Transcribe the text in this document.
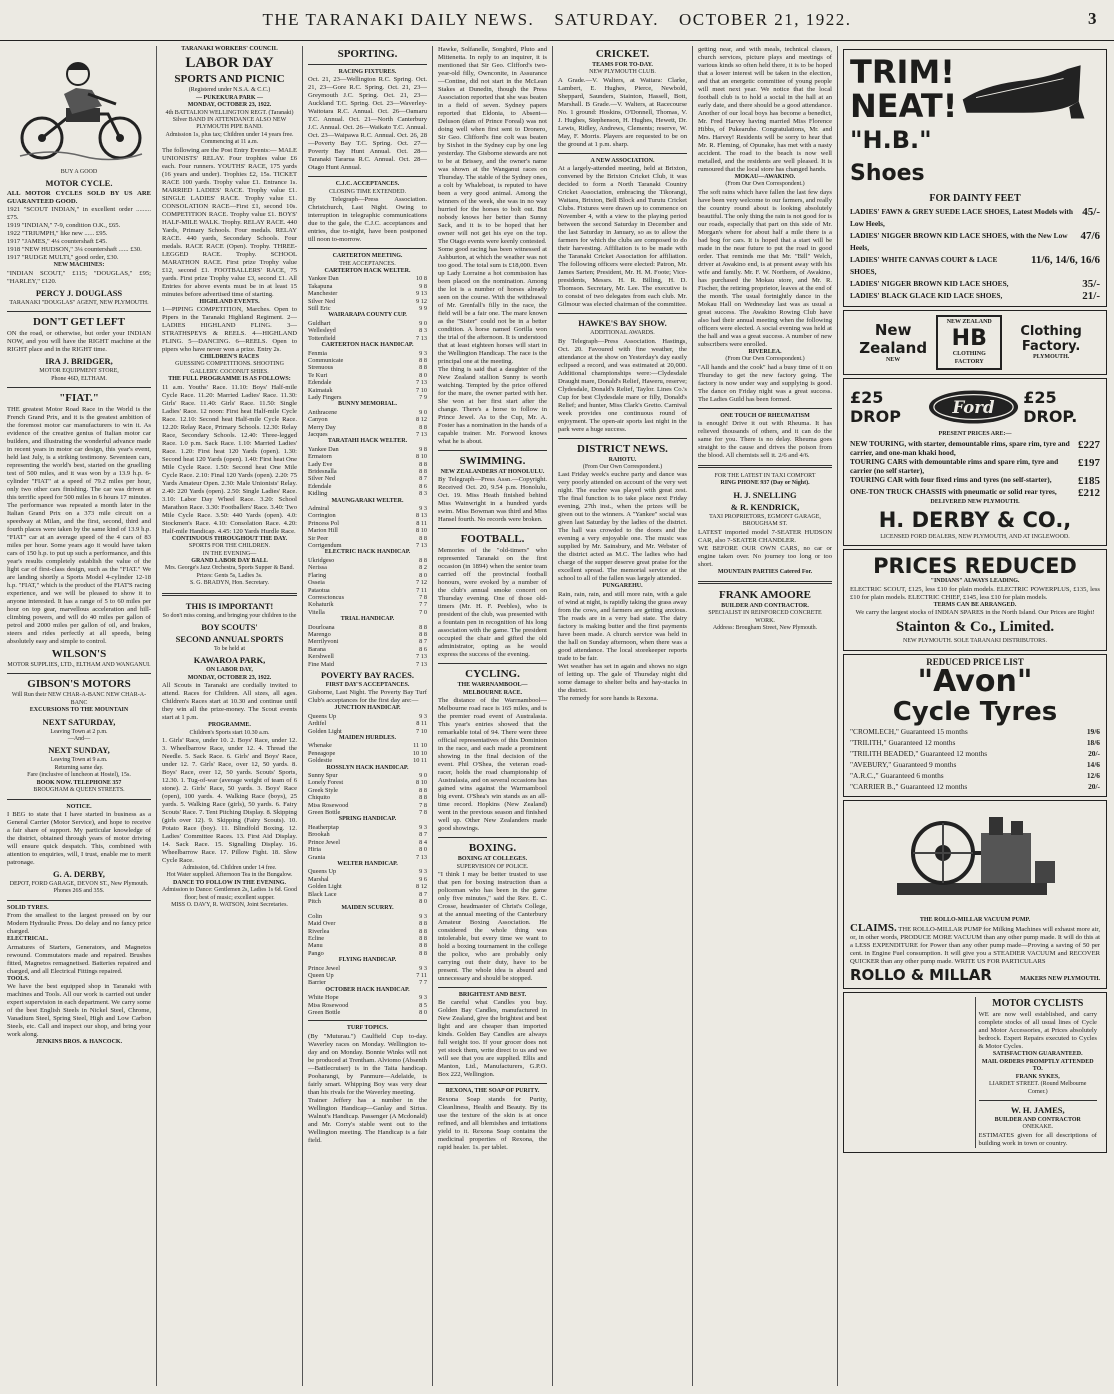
THE TARANAKI DAILY NEWS. SATURDAY. OCTOBER 21, 1922.	3

BUY A GOOD

MOTOR CYCLE.

ALL MOTOR CYCLES SOLD BY US ARE GUARANTEED GOOD.

1921 "SCOUT INDIAN," in excellent order ......... £75.

1919 "INDIAN," 7-9, condition O.K., £65.

1922 "TRIUMPH," like new ...... £95.

1917 "JAMES," 4¼ countershaft £45.

1918 "NEW HUDSON," 3¼ countershaft ...... £30.

1917 "RUDGE MULTI," good order, £30.

NEW MACHINES:

"INDIAN SCOUT," £115; "DOUGLAS," £95; "HARLEY," £120.

PERCY J. DOUGLASS

TARANAKI "DOUGLAS" AGENT, NEW PLYMOUTH.

DON'T GET LEFT

ON the road, or otherwise, but order your INDIAN NOW, and you will have the RIGHT machine at the RIGHT place and in the RIGHT time.

IRA J. BRIDGER,

MOTOR EQUIPMENT STORE,

Phone 46D, ELTHAM.

"FIAT."

THE greatest Motor Road Race in the World is the French Grand Prix, and it is the greatest ambition of the foremost motor car manufacturers to win it. As evidence of the creative genius of Italian motor car builders, and illustrating the wonderful advance made in recent years in motor car design, this year's event, held last July, is a striking testimony. Seventeen cars, representing the world's best, started on the gruelling test of 500 miles, and it was won by a 13.9 h.p. 6-cylinder "FIAT" at a speed of 79.2 miles per hour, only two other cars finishing. The car was driven at this terrific speed for 500 miles in 6 hours 17 minutes. The performance was repeated a month later in the Italian Grand Prix on a 373 mile circuit on a speedway at Milan, and the first, second, third and fourth places were taken by the same kind of 13.9 h.p. "FIAT" car at an average speed of the 4 cars of 83 miles per hour. Some years ago it would have taken cars of 150 h.p. to put up such a performance, and this year's results completely establish the value of the light car of first-class design, such as the "FIAT." We are landing shortly a Sports Model 4-cylinder 12-18 h.p. "FIAT," which is the product of the FIAT'S racing experience, and we will be pleased to show it to anyone interested. It has a range of 5 to 60 miles per hour on top gear, marvellous acceleration and hill-climbing powers, and will do 40 miles per gallon of petrol and 2000 miles per gallon of oil, and brakes, steers and rides perfectly at all speeds, being absolutely easy and simple to control.

WILSON'S

MOTOR SUPPLIES, LTD., ELTHAM AND WANGANUI.

GIBSON'S MOTORS

Will Run their NEW CHAR-A-BANC NEW CHAR-A-BANC

EXCURSIONS TO THE MOUNTAIN

NEXT SATURDAY,

Leaving Town at 2 p.m.

—And—

NEXT SUNDAY,

Leaving Town at 9 a.m.

Returning same day.

Fare (inclusive of luncheon at Hostel), 15s.

BOOK NOW. TELEPHONE 357

BROUGHAM & QUEEN STREETS.

NOTICE.

I BEG to state that I have started in business as a General Carrier (Motor Service), and hope to receive a fair share of support. My particular knowledge of the district, obtained through years of motor driving will ensure quick despatch. This, combined with attention to enquiries, will, I trust, enable me to merit patronage.

G. A. DERBY,

DEPOT, FORD GARAGE, DEVON ST., New Plymouth. Phones 26S and 35S.

SOLID TYRES.

From the smallest to the largest pressed on by our Modern Hydraulic Press. Do delay and no fancy price charged.

ELECTRICAL.

Armatures of Starters, Generators, and Magnetos rewound. Commutators made and repaired. Brushes fitted, Magnetos remagnetised. Batteries repaired and charged, and all Electrical Fittings repaired.

TOOLS.

We have the best equipped shop in Taranaki with machines and Tools. All our work is carried out under expert supervision in each department. We carry some of the best English Steels in Nickel Steel, Chrome, Vanadium Steel, Spring Steel, High and Low Carbon Steels, etc. Call and inspect our shop, and bring your work along.

JENKINS BROS. & HANCOCK.

TARANAKI WORKERS' COUNCIL

LABOR DAY

SPORTS AND PICNIC

(Registered under N.S.A. & C.C.)

— PUKEKURA PARK —

MONDAY, OCTOBER 23, 1922.

4th BATTALION WELLINGTON REGT. (Taranaki) Silver BAND IN ATTENDANCE ALSO NEW PLYMOUTH PIPE BAND.

Admission 1s, plus tax; Children under 14 years free.

Commencing at 11 a.m.

The following are the Post Entry Events:— MALE UNIONISTS' RELAY. Four trophies value £6 each. Four runners. YOUTHS' RACE, 175 yards (16 years and under). Trophies £2, 15s. TICKET RACE 100 yards. Trophy value £1. Entrance 1s. MARRIED LADIES' RACE. Trophy value £1. SINGLE LADIES' RACE. Trophy value £1. CONSOLATION RACE—First £1, second 10s. COMPETITION RACE. Trophy value £1. BOYS' HALF-MILE WALK. Trophy. RELAY RACE. 440 Yards, Primary Schools. Four medals. RELAY RACE. 440 yards, Secondary Schools. Four medals. RACE RACE (Open). Trophy. THREE-LEGGED RACE. Trophy. SCHOOL MARATHON RACE. First prize Trophy value £12, second £1. FOOTBALLERS' RACE, 75 yards. First prize Trophy value £3, second £1. All Entries for above events must be in at least 15 minutes before advertised time of starting.

HIGHLAND EVENTS.

1—PIPING COMPETITION, Marches. Open to Pipers in the Taranaki Highland Regiment. 2—LADIES HIGHLAND FLING. 3—STRATHSPEYS & REELS. 4—HIGHLAND FLING. 5—DANCING. 6—REELS. Open to pipers who have never won a prize. Entry 2s.

CHILDREN'S RACES

GUESSING COMPETITIONS. SHOOTING GALLERY. COCONUT SHIES.

THE FULL PROGRAMME IS AS FOLLOWS:

11 a.m. Youths' Race. 11.10: Boys' Half-mile Cycle Race. 11.20: Married Ladies' Race. 11.30: Girls' Race. 11.40: Girls' Race. 11.50: Single Ladies' Race. 12 noon: First heat Half-mile Cycle Race. 12.10: Second heat Half-mile Cycle Race. 12.20: Relay Race, Primary Schools. 12.30: Relay Race, Secondary Schools. 12.40: Three-legged Race. 1.0 p.m. Sack Race. 1.10: Married Ladies' Race. 1.20: First heat 120 Yards (open). 1.30: Second heat 120 Yards (open). 1.40: First heat One Mile Cycle Race. 1.50: Second heat One Mile Cycle Race. 2.10: Final 120 Yards (open). 2.20: 75 Yards Amateur Open. 2.30: Male Unionists' Relay. 2.40: 220 Yards (open). 2.50: Single Ladies' Race. 3.10: Labor Day Wheel Race. 3.20: School Marathon Race. 3.30: Footballers' Race. 3.40: Two Mile Cycle Race. 3.50: 440 Yards (open). 4.0: Stockmen's Race. 4.10: Consolation Race. 4.20: Half-mile Handicap. 4.45: 120 Yards Hurdle Race.

CONTINUOUS THROUGHOUT THE DAY.

SPORTS FOR THE CHILDREN.

IN THE EVENING—

GRAND LABOR DAY BALL

Mrs. George's Jazz Orchestra, Sports Supper & Band. Prizes: Gents 5s, Ladies 3s.

S. G. BRADYN, Hon. Secretary.

THIS IS IMPORTANT!

So don't miss coming, and bringing your children to the

BOY SCOUTS'

SECOND ANNUAL SPORTS

To be held at

KAWAROA PARK,

ON LABOR DAY,

MONDAY, OCTOBER 23, 1922.

All Scouts in Taranaki are cordially invited to attend. Races for Children. All sizes, all ages. Children's Races start at 10.30 and continue until they win all the prize-money. The Scout events start at 1 p.m.

PROGRAMME.

Children's Sports start 10.30 a.m.

1. Girls' Race, under 10. 2. Boys' Race, under 12. 3. Wheelbarrow Race, under 12. 4. Thread the Needle. 5. Sack Race. 6. Girls' and Boys' Race, under 12. 7. Girls' Race, over 12, 50 yards. 8. Boys' Race, over 12, 50 yards. Scouts' Sports, 12.30. 1. Tug-of-war (average weight of team of 6 stone). 2. Girls' Race, 50 yards. 3. Boys' Race (open), 100 yards. 4. Walking Race (boys), 25 yards. 5. Walking Race (girls), 50 yards. 6. Fairy Scouts' Race. 7. Tent Pitching Display. 8. Skipping (girls over 12). 9. Skipping (Fairy Scouts). 10. Potato Race (boy). 11. Blindfold Boxing. 12. Ladies' Committee Races. 13. First Aid Display. 14. Sack Race. 15. Signalling Display. 16. Wheelbarrow Race. 17. Pillow Fight. 18. Slow Cycle Race.

Admission, 6d. Children under 14 free.

Hot Water supplied. Afternoon Tea in the Bungalow.

DANCE TO FOLLOW IN THE EVENING.

Admission to Dance: Gentlemen 2s, Ladies 1s 6d. Good floor; best of music; excellent supper.

MISS O. DAVY, R. WATSON, Joint Secretaries.

SPORTING.

RACING FIXTURES.

Oct. 21, 23—Wellington R.C. Spring. Oct. 21, 23—Gore R.C. Spring. Oct. 21, 23—Greymouth J.C. Spring. Oct. 21, 23—Auckland T.C. Spring. Oct. 23—Waverley-Waitotara R.C. Annual. Oct. 26—Oamaru T.C. Annual. Oct. 21—North Canterbury J.C. Annual. Oct. 26—Waikato T.C. Annual. Oct. 23—Waipawa R.C. Annual. Oct. 26, 28—Poverty Bay T.C. Spring. Oct. 27—Poverty Bay Hunt Annual. Oct. 28—Taranaki Tararua R.C. Annual. Oct. 28—Otago Hunt Annual.

C.J.C. ACCEPTANCES.

CLOSING TIME EXTENDED.

By Telegraph—Press Association. Christchurch, Last Night. Owing to interruption in telegraphic communications due to the gale, the C.J.C. acceptances and entries, due to-night, have been postponed till noon to-morrow.

CARTERTON MEETING.

THE ACCEPTANCES.

CARTERTON HACK WELTER.

Yankee Dan	10 8
Takapuna	9 8
Manchester	9 13
Silver Ned	9 12
Still Eric	9 9

WAIRARAPA COUNTY CUP.

Guldhart	9 0
Wellesleyd	8 3
Tottenfield	7 13

CARTERTON HACK HANDICAP.

Fenmia	9 3
Communicate	8 8
Strenuous	8 8
Te Kuri	8 0
Edendale	7 13
Kaimatak	7 10
Lady Fingers	7 9

BUNNY MEMORIAL.

Anthracene	9 0
Canyon	8 12
Merry Day	8 8
Jacques	7 13

TARATAHI HACK WELTER.

Yankee Dan	9 8
Ermatorn	8 10
Lady Eve	8 8
Bridesnalla	8 8
Silver Ned	8 7
Edendale	8 6
Kidling	8 3

MAUNGARAKI WELTER.

Admiral	9 3
Corrington	8 13
Princess Pol	8 11
Marion Hill	8 10
Sir Peer	8 8
Corrigendum	7 13

ELECTRIC HACK HANDICAP.

Ukridgeso	8 8
Nerissa	8 2
Flaring	8 0
Osseia	7 12
Pataotua	7 11
Corresctoncus	7 8
Kohaturik	7 7
Vitella	7 0

TRIAL HANDICAP.

Dourloana	8 8
Marengo	8 8
Merrilyvoni	8 7
Barana	8 6
Kershwell	7 13
Fine Maid	7 13

POVERTY BAY RACES.

FIRST DAY'S ACCEPTANCES.

Gisborne, Last Night. The Poverty Bay Turf Club's acceptances for the first day are:—

JUNCTION HANDICAP.

Queens Up	9 3
Ardifel	8 11
Golden Light	7 10

MAIDEN HURDLES.

Whenake	11 10
Peneagope	10 10
Goldestie	10 11

ROSSLYN HACK HANDICAP.

Sunny Spur	9 0
Lonely Forest	8 10
Greek Style	8 8
Chiquito	8 8
Miss Rosewood	7 8
Green Bottle	7 8

SPRING HANDICAP.

Heatherptap	9 3
Brookah	8 7
Prince Jewel	8 4
Hiria	8 0
Grania	7 13

WELTER HANDICAP.

Queens Up	9 3
Marshal	9 6
Golden Light	8 12
Black Lace	8 7
Pitch	8 0

MAIDEN SCURRY.

Colin	9 3
Maid Over	8 8
Riverlea	8 8
Ecline	8 8
Manu	8 8
Pango	8 8

FLYING HANDICAP.

Prince Jewel	9 3
Queen Up	7 11
Barrier	7 7

OCTOBER HACK HANDICAP.

White Hope	9 3
Miss Rosewood	8 5
Green Bottle	8 0

TURF TOPICS.

(By "Muturau.") Caulfield Cup to-day. Waverley races on Monday. Wellington to-day and on Monday. Bonnie Winks will not be produced at Trentham. Alviomo (Absenth—Battlecruiser) is in the Taita handicap. Pooharangi, by Panmure—Adelaide, is fairly smart. Whipping Boy was very dear than his rivals for the Waverley meeting.

Trainer Jeffery has a number in the Wellington Handicap—Ganlay and Sirius. Walnut's Handicap. Passenger (A Mcdonald) and Mr. Corry's stable went out to the Wellington meeting. The Handicap is a fair field.

Hawke, Solfanelle, Songbird, Pluto and Mittenetta. In reply to an inquirer, it is mentioned that Sir Geo. Clifford's two-year-old filly, Ownconite, in Assurance—Contine, did not start in the McLean Stakes at Dunedin, though the Press Association reported that she was beaten in a field of seven. Sydney papers reported that Eldonia, to Absent—Deluson (dam of Prince Foreal) was not doing well when first sent to Dronero, Sir Geo. Clifford's fine colt was beaten by Sixhot in the Sydney cup by one leg yesterday. The Gisborne stewards are not to be at Brissey, and the owner's name was shown at the Wanganui races on Thursday. The stable of the Sydney ones, a colt by Whaleboat, is reputed to have been a very good animal. Among the winners of the week, she was in no way hurried for the horses to bolt out. But nobody knows her better than Sunny Sack, and it is to be hoped that her owner will not get his eye on the top. The Otago events were keenly contested.

Some good racing has been witnessed at Ashburton, at which the weather was not too good. The total sum is £18,000. Even up Lady Lorraine a hot commission has been placed on the nomination. Among the lot is a number of horses already seen on the course. With the withdrawal of Mr. Grenfall's filly in the race, the field will be a fair one. The mare known as the "Sister" could not be in a better condition. A horse named Gorilla won the trial of the afternoon. It is understood that at least eighteen horses will start in the Wellington Handicap. The race is the principal one at the meeting.

The thing is said that a daughter of the New Zealand stallion Sunny is worth watching. Tempted by the price offered for the mare, the owner parted with her. She won at her first start after the change. There's a horse to follow in Prince Jewel. As to the Cup, Mr. A. Foster has a nomination in the hands of a capable trainer. Mr. Forwood knows what he is about.

SWIMMING.

NEW ZEALANDERS AT HONOLULU.

By Telegraph—Press Assn.—Copyright. Received Oct. 20, 9.54 p.m. Honolulu, Oct. 19. Miss Heath finished behind Miss Wainwright in a hundred yards swim. Miss Bowman was third and Miss Hansel fourth. No records were broken.

FOOTBALL.

Memories of the "old-timers" who represented Taranaki on the first occasion (in 1894) when the senior team carried off the provincial football honours, were evoked by a number of the club's annual smoke concert on Thursday evening. One of those old-timers (Mr. H. F. Peebles), who is president of the club, was presented with a fountain pen in recognition of his long association with the game. The president occupied the chair and gifted the old administrator, opting as he would express the success of the evening.

CYCLING.

THE WARRNAMBOOL—MELBOURNE RACE.

The distance of the Warrnambool—Melbourne road race is 165 miles, and is the premier road event of Australasia. This year's entries showed that the remarkable total of 94. There were three official representatives of this Dominion in the race, and each made a prominent showing in the final decision of the event. Phil O'Shea, the veteran road-racer, holds the road championship of Australasia, and on several occasions has gained wins against the Warrnambool big event. O'Shea's win stands as an all-time record. Hopkins (New Zealand) went in the previous season and finished well up. Other New Zealanders made good showings.

BOXING.

BOXING AT COLLEGES.

SUPERVISION OF POLICE.

"I think I may be better trusted to use that pen for boxing instruction than a policeman who has been in the game only five minutes," said the Rev. E. C. Crosse, headmaster of Christ's College, at the annual meeting of the Canterbury Amateur Boxing Association. He considered the whole thing was intolerable, but every time we want to hold a boxing tournament in the college the police, who are probably only carrying out their duty, have to be present. The whole idea is absurd and unnecessary and should be stopped.

BRIGHTEST AND BEST.

Be careful what Candles you buy. Golden Bay Candles, manufactured in New Zealand, give the brightest and best light and are cheaper than imported kinds. Golden Bay Candles are always full weight too. If your grocer does not yet stock them, write direct to us and we will see that you are supplied. Ellis and Manton, Ltd., Manufacturers, G.P.O. Box 222, Wellington.

REXONA, THE SOAP OF PURITY.

Rexona Soap stands for Purity, Cleanliness, Health and Beauty. By its use the texture of the skin is at once refined, and all blemishes and irritations yield to it. Rexona Soap contains the medicinal properties of Rexona, the rapid healer. 1s. per tablet.

CRICKET.

TEAMS FOR TO-DAY.

NEW PLYMOUTH CLUB.

A Grade.—V. Walters, at Waitara: Clarke, Lambert, E. Hughes, Pierce, Newbold, Sheppard, Saunders, Stainton, Hassell, Bott, Marshall. B Grade.—V. Walters, at Racecourse No. 1 ground: Hoskins, O'Donnell, Thomas, V. J. Hughes, Stephenson, H. Hughes, Hewett, Dr. Lewis, Ridley, Andrews, Clements; reserve, W. May, F. Morris. Players are requested to be on the ground at 1 p.m. sharp.

A NEW ASSOCIATION.

At a largely-attended meeting, held at Brixton, convened by the Brixton Cricket Club, it was decided to form a North Taranaki Country Cricket Association, embracing the Tikorangi, Waitara, Brixton, Bell Block and Turutu Cricket Clubs. Fixtures were drawn up to commence on November 4, with a view to the playing period between the second Saturday in December and the last Saturday in January, so as to allow the farmers for which the clubs are composed to do their harvesting. Affiliation is to be made with the Taranaki Cricket Association for affiliation. The following officers were elected: Patron, Mr. James Sarten; President, Mr. H. M. Foote; Vice-presidents, Messrs. H. R. Billing, H. D. Thomson. Secretary, Mr. Lee. The executive is to consist of two delegates from each club. Mr. Gilmour was elected chairman of the committee.

HAWKE'S BAY SHOW.

ADDITIONAL AWARDS.

By Telegraph—Press Association. Hastings, Oct. 20. Favoured with fine weather, the attendance at the show on Yesterday's day easily eclipsed a record, and was estimated at 20,000. Additional championships were:—Clydesdale Draught mare, Donald's Relief, Haweru, reserve; Clydesdale, Donald's Relief, Taylor. Lines Co.'s Cup for best Clydesdale mare or filly, Donald's Relief; and hunter, Miss Clark's Gretto. Carnival week provides one continuous round of enjoyment. The open-air sports last night in the park were a huge success.

DISTRICT NEWS.

RAHOTU.

(From Our Own Correspondent.)

Last Friday week's euchre party and dance was very poorly attended on account of the very wet night. The euchre was played with great zest. The final function is to take place next Friday evening, 27th inst., when the prizes will be given out to the winners. A "Yankee" social was given last Saturday by the ladies of the district. The hall was crowded to the doors and the evening a very enjoyable one. The music was supplied by Mr. Sainsbury, and Mr. Webster of the district acted as M.C. The ladies who had charge of the supper deserve great praise for the excellent spread. The memorial service at the school to all of the fallen was largely attended.

PUNGAREHU.

Rain, rain, rain, and still more rain, with a gale of wind at night, is rapidly taking the grass away from the cows, and farmers are getting anxious. The roads are in a very bad state. The dairy factory is making butter and the first payments have been made. A church service was held in the hall on Sunday afternoon, when there was a good attendance. The local storekeeper reports trade to be fair.

Wet weather has set in again and shows no sign of letting up. The gale of Thursday night did some damage to shelter belts and hay-stacks in the district.

The remedy for sore hands is Rexona.

getting near, and with meals, technical classes, church services, picture plays and meetings of various kinds so often held there, it is to be hoped that a lower interest will be taken in the election, and that an energetic committee of young people will meet next year. We notice that the local football club is to hold a social in the hall at an early date, and there should be a good attendance. Another of our local boys has become a benedict, Mr. Fred Harvey having married Miss Florence Hibbs, of Pukearuhe. Congratulations, Mr. and Mrs. Harvey! Residents will be sorry to hear that Mr. R. Fleming, of Opunake, has met with a nasty accident. The road to the beach is now well metalled, and the residents are well pleased. It is rumoured that the local store has changed hands.

MOKAU—AWAKINO.

(From Our Own Correspondent.)

The soft rains which have fallen the last few days have been very welcome to our farmers, and really the country round about is looking absolutely beautiful. The only thing the rain is not good for is our roads, especially that part on this side of Mr. Morgan's where for about half a mile there is a bad bog for cars. It is hoped that a start will be made in the near future to put the road in good order. That reminds me that Mr. "Bill" Welch, driver at Awakino end, is at present away with his wife and family. Mr. F. W. Northern, of Awakino, has purchased the Mokau store, and Mr. R. Fischer, the retiring proprietor, leaves at the end of the month. The usual fortnightly dance in the Mokau Hall on Wednesday last was as usual a great success. The Awakino Rowing Club have also had their annual meeting when the following officers were elected. A social evening was held at the hall and was a great success. A number of new subscribers were enrolled.

RIVERLEA.

(From Our Own Correspondent.)

"All hands and the cook" had a busy time of it on Thursday to get the new factory going. The factory is now under way and supplying is good. The dance on Friday night was a great success. The Ladies Guild has been formed.

ONE TOUCH OF RHEUMATISM

is enough! Drive it out with Rheuma. It has relieved thousands of others, and it can do the same for you. There is no delay. Rheuma goes straight to the cause and drives the poison from the blood. All chemists sell it. 2/6 and 4/6.

FOR THE LATEST IN TAXI COMFORT

RING PHONE 937 (Day or Night).

H. J. SNELLING

& R. KENDRICK,

TAXI PROPRIETORS, EGMONT GARAGE, BROUGHAM ST.

LATEST imported model 7-SEATER HUDSON CAR, also 7-SEATER CHANDLER.

WE BEFORE OUR OWN CARS, no car or engine taken over. No journey too long or too short.

MOUNTAIN PARTIES Catered For.

FRANK AMOORE

BUILDER AND CONTRACTOR.

SPECIALIST IN REINFORCED CONCRETE WORK.

Address: Brougham Street, New Plymouth.

TRIM!

NEAT!

"H.B."

Shoes

FOR DAINTY FEET

LADIES' FAWN & GREY SUEDE LACE SHOES, Latest Models with Low Heels,
45/-
LADIES' NIGGER BROWN KID LACE SHOES, with the New Low Heels,
47/6
LADIES' WHITE CANVAS COURT & LACE SHOES,
11/6, 14/6, 16/6
LADIES' NIGGER BROWN KID LACE SHOES,	35/-
LADIES' BLACK GLACE KID LACE SHOES,	21/-
New Zealand
NEW
NEW ZEALAND
HB
CLOTHING FACTORY
Clothing Factory.
PLYMOUTH.
£25 DROP	Ford
£25 DROP.

PRESENT PRICES ARE:—

NEW TOURING, with starter, demountable rims, spare rim, tyre and carrier, and one-man khaki hood,
£227
TOURING CARS with demountable rims and spare rim, tyre and carrier (no self starter),
£197
TOURING CAR with four fixed rims and tyres (no self-starter),	£185
ONE-TON TRUCK CHASSIS with pneumatic or solid rear tyres,	£212

DELIVERED NEW PLYMOUTH.

H. DERBY & CO.,

LICENSED FORD DEALERS, NEW PLYMOUTH, AND AT INGLEWOOD.

PRICES REDUCED

"INDIANS" ALWAYS LEADING.

ELECTRIC SCOUT, £125, less £10 for plain models. ELECTRIC POWERPLUS, £135, less £10 for plain models. ELECTRIC CHIEF, £145, less £10 for plain models.

TERMS CAN BE ARRANGED.

We carry the largest stocks of INDIAN SPARES in the North Island. Our Prices are Right!

Stainton & Co., Limited.

NEW PLYMOUTH. SOLE TARANAKI DISTRIBUTORS.

REDUCED PRICE LIST

"Avon"

Cycle Tyres

"CROMLECH," Guaranteed 15 months	19/6
"TRILITH," Guaranteed 12 months	18/6
"TRILITH BEADED," Guaranteed 12 months	20/-
"AVEBURY," Guaranteed 9 months	14/6
"A.R.C.," Guaranteed 6 months	12/6
"CARRIER B.," Guaranteed 12 months	20/-

THE ROLLO-MILLAR VACUUM PUMP.

CLAIMS. THE ROLLO-MILLAR PUMP for Milking Machines will exhaust more air, or, in other words, PRODUCE MORE VACUUM than any other pump made. It will do this at a LESS EXPENDITURE for Power than any other pump made—Proving a saving of 50 per cent. in Engine Fuel consumption. It will give you a STEADIER VACUUM and RECOVER QUICKER than any other pump made. WRITE US FOR PARTICULARS

ROLLO & MILLAR	MAKERS NEW PLYMOUTH.

MOTOR CYCLISTS

WE are now well established, and carry complete stocks of all usual lines of Cycle and Motor Accessories, at Prices absolutely bedrock. Expert Repairs executed to Cycles & Motor Cycles.

SATISFACTION GUARANTEED.

MAIL ORDERS PROMPTLY ATTENDED TO.

FRANK SYKES,

LIARDET STREET. (Round Melbourne Corner.)

W. H. JAMES,

BUILDER AND CONTRACTOR

ONEKAKE.

ESTIMATES given for all descriptions of building work in town or country.
